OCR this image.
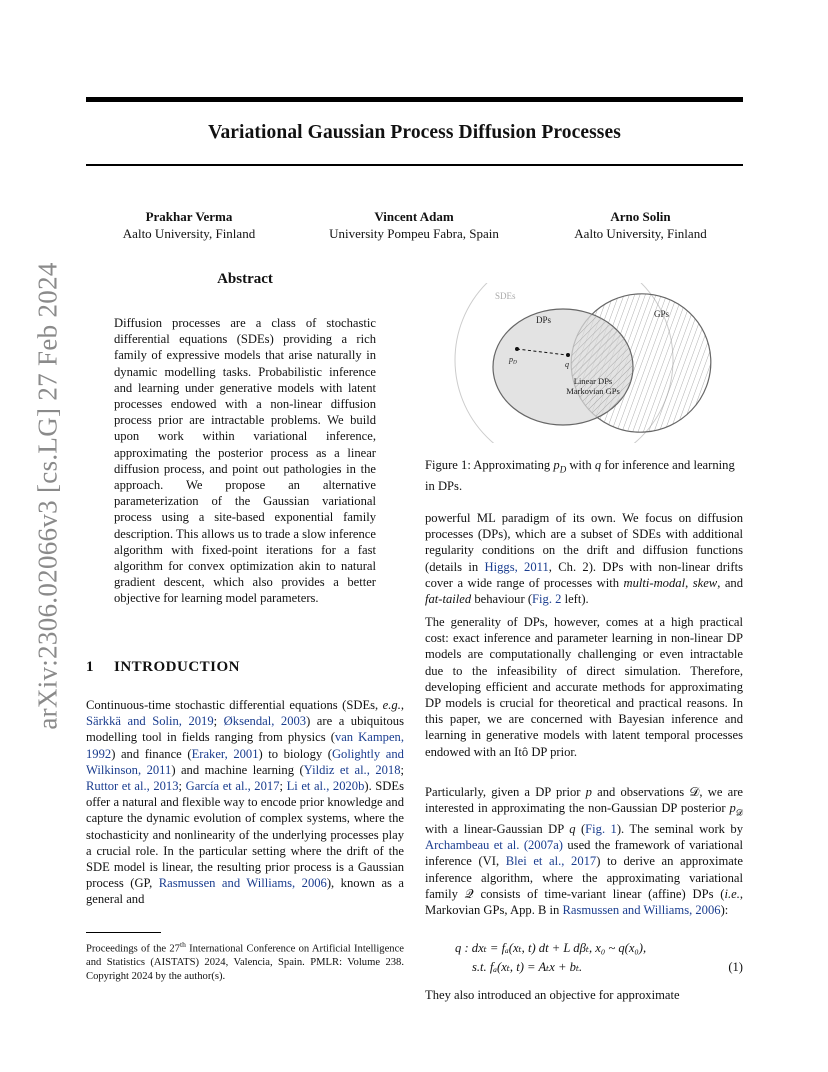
Variational Gaussian Process Diffusion Processes
Prakhar Verma
Aalto University, Finland
Vincent Adam
University Pompeu Fabra, Spain
Arno Solin
Aalto University, Finland
arXiv:2306.02066v3 [cs.LG] 27 Feb 2024	Abstract

Diffusion processes are a class of stochastic differential equations (SDEs) providing a rich family of expressive models that arise naturally in dynamic modelling tasks. Probabilistic inference and learning under generative models with latent processes endowed with a non-linear diffusion process prior are intractable problems. We build upon work within variational inference, approximating the posterior process as a linear diffusion process, and point out pathologies in the approach. We propose an alternative parameterization of the Gaussian variational process using a site-based exponential family description. This allows us to trade a slow inference algorithm with fixed-point iterations for a fast algorithm for convex optimization akin to natural gradient descent, which also provides a better objective for learning model parameters.

1 INTRODUCTION

Continuous-time stochastic differential equations (SDEs, e.g., Särkkä and Solin, 2019; Øksendal, 2003) are a ubiquitous modelling tool in fields ranging from physics (van Kampen, 1992) and finance (Eraker, 2001) to biology (Golightly and Wilkinson, 2011) and machine learning (Yildiz et al., 2018; Ruttor et al., 2013; García et al., 2017; Li et al., 2020b). SDEs offer a natural and flexible way to encode prior knowledge and capture the dynamic evolution of complex systems, where the stochasticity and nonlinearity of the underlying processes play a crucial role. In the particular setting where the drift of the SDE model is linear, the resulting prior process is a Gaussian process (GP, Rasmussen and Williams, 2006), known as a general and

Proceedings of the 27th International Conference on Artificial Intelligence and Statistics (AISTATS) 2024, Valencia, Spain. PMLR: Volume 238. Copyright 2024 by the author(s).

SDEs
DPs
GPs
pD	q
Linear DPs
Markovian GPs

Figure 1: Approximating $p_D$ with q for inference and learning in DPs.

powerful ML paradigm of its own. We focus on diffusion processes (DPs), which are a subset of SDEs with additional regularity conditions on the drift and diffusion functions (details in Higgs, 2011, Ch. 2). DPs with non-linear drifts cover a wide range of processes with multi-modal, skew, and fat-tailed behaviour (Fig. 2 left).

The generality of DPs, however, comes at a high practical cost: exact inference and parameter learning in non-linear DP models are computationally challenging or even intractable due to the infeasibility of direct simulation. Therefore, developing efficient and accurate methods for approximating DP models is crucial for theoretical and practical reasons. In this paper, we are concerned with Bayesian inference and learning in generative models with latent temporal processes endowed with an Itô DP prior.

Particularly, given a DP prior p and observations 𝒟, we are interested in approximating the non-Gaussian DP posterior $p_𝒟$ with a linear-Gaussian DP q (Fig. 1). The seminal work by Archambeau et al. (2007a) used the framework of variational inference (VI, Blei et al., 2017) to derive an approximate inference algorithm, where the approximating variational family 𝒬 consists of time-variant linear (affine) DPs (i.e., Markovian GPs, App. B in Rasmussen and Williams, 2006):

q : dxₜ = fₐ(xₜ, t) dt + L dβₜ, x₀ ~ q(x₀),
s.t. fₐ(xₜ, t) = Aₜx + bₜ.	(1)

They also introduced an objective for approximate
